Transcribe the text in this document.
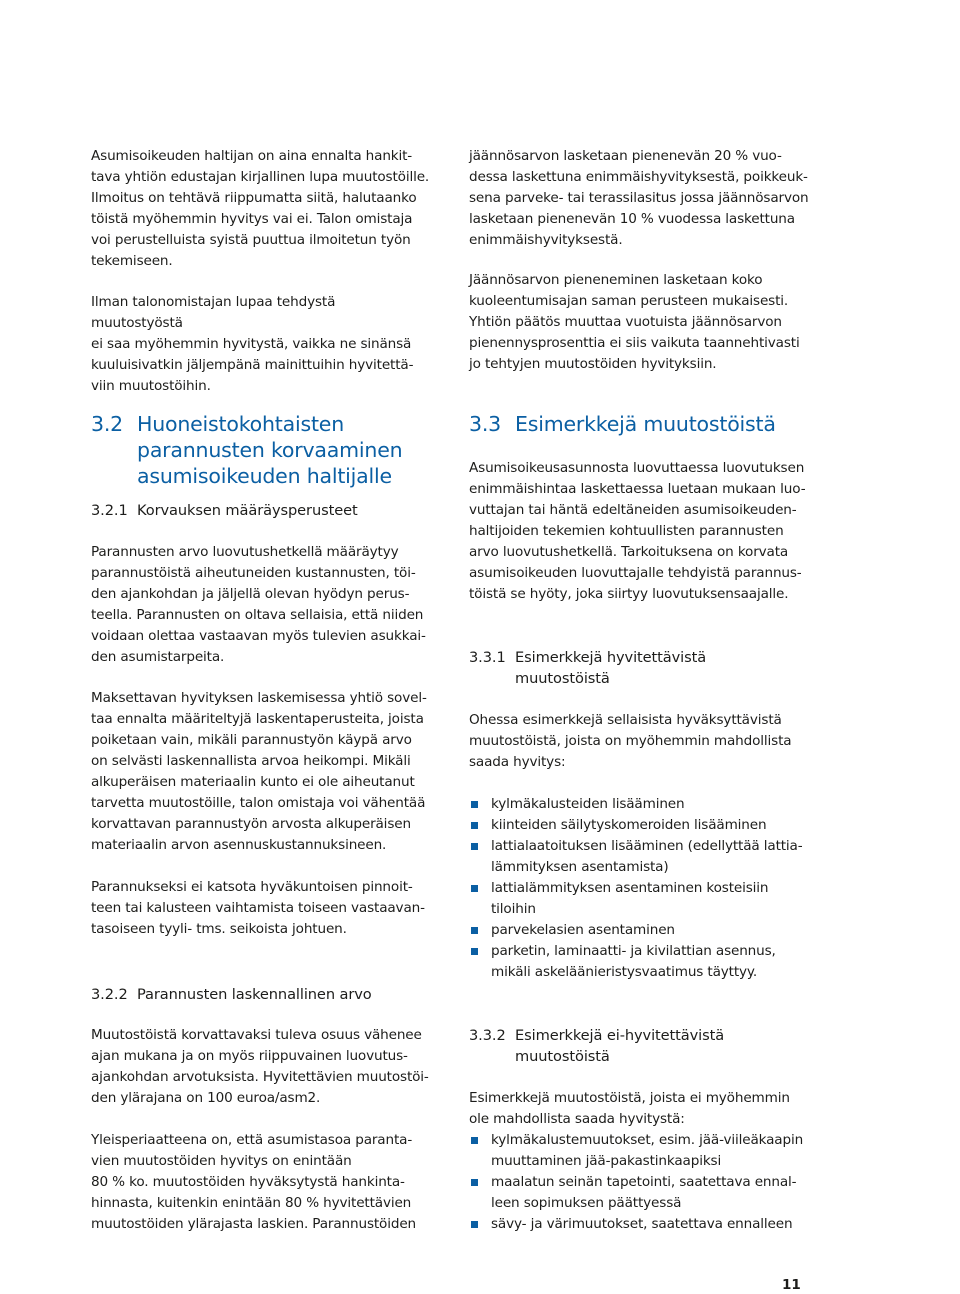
Asumisoikeuden haltijan on aina ennalta hankit-
tava yhtiön edustajan kirjallinen lupa muutostöille.
Ilmoitus on tehtävä riippumatta siitä, halutaanko
töistä myöhemmin hyvitys vai ei. Talon omistaja
voi perustelluista syistä puuttua ilmoitetun työn
tekemiseen.

Ilman talonomistajan lupaa tehdystä muutostyöstä
ei saa myöhemmin hyvitystä, vaikka ne sinänsä
kuuluisivatkin jäljempänä mainittuihin hyvitettä-
viin muutostöihin.

3.2 Huoneistokohtaisten
parannusten korvaaminen
asumisoikeuden haltijalle
3.2.1 Korvauksen määräysperusteet

Parannusten arvo luovutushetkellä määräytyy
parannustöistä aiheutuneiden kustannusten, töi-
den ajankohdan ja jäljellä olevan hyödyn perus-
teella. Parannusten on oltava sellaisia, että niiden
voidaan olettaa vastaavan myös tulevien asukkai-
den asumistarpeita.

Maksettavan hyvityksen laskemisessa yhtiö sovel-
taa ennalta määriteltyjä laskentaperusteita, joista
poiketaan vain, mikäli parannustyön käypä arvo
on selvästi laskennallista arvoa heikompi. Mikäli
alkuperäisen materiaalin kunto ei ole aiheutanut
tarvetta muutostöille, talon omistaja voi vähentää
korvattavan parannustyön arvosta alkuperäisen
materiaalin arvon asennuskustannuksineen.

Parannukseksi ei katsota hyväkuntoisen pinnoit-
teen tai kalusteen vaihtamista toiseen vastaavan-
tasoiseen tyyli- tms. seikoista johtuen.

3.2.2 Parannusten laskennallinen arvo

Muutostöistä korvattavaksi tuleva osuus vähenee
ajan mukana ja on myös riippuvainen luovutus-
ajankohdan arvotuksista. Hyvitettävien muutostöi-
den ylärajana on 100 euroa/asm2.

Yleisperiaatteena on, että asumistasoa paranta-
vien muutostöiden hyvitys on enintään
80 % ko. muutostöiden hyväksytystä hankinta-
hinnasta, kuitenkin enintään 80 % hyvitettävien
muutostöiden ylärajasta laskien. Parannustöiden

jäännösarvon lasketaan pienenevän 20 % vuo-
dessa laskettuna enimmäishyvityksestä, poikkeuk-
sena parveke- tai terassilasitus jossa jäännösarvon
lasketaan pienenevän 10 % vuodessa laskettuna
enimmäishyvityksestä.

Jäännösarvon pieneneminen lasketaan koko
kuoleentumisajan saman perusteen mukaisesti.
Yhtiön päätös muuttaa vuotuista jäännösarvon
pienennysprosenttia ei siis vaikuta taannehtivasti
jo tehtyjen muutostöiden hyvityksiin.

3.3 Esimerkkejä muutostöistä

Asumisoikeusasunnosta luovuttaessa luovutuksen
enimmäishintaa laskettaessa luetaan mukaan luo-
vuttajan tai häntä edeltäneiden asumisoikeuden-
haltijoiden tekemien kohtuullisten parannusten
arvo luovutushetkellä. Tarkoituksena on korvata
asumisoikeuden luovuttajalle tehdyistä parannus-
töistä se hyöty, joka siirtyy luovutuksensaajalle.

3.3.1 Esimerkkejä hyvitettävistä
muutostöistä

Ohessa esimerkkejä sellaisista hyväksyttävistä
muutostöistä, joista on myöhemmin mahdollista
saada hyvitys:

kylmäkalusteiden lisääminen
kiinteiden säilytyskomeroiden lisääminen
lattialaatoituksen lisääminen (edellyttää lattia-
lämmityksen asentamista)
lattialämmityksen asentaminen kosteisiin
tiloihin
parvekelasien asentaminen
parketin, laminaatti- ja kivilattian asennus,
mikäli askeläänieristysvaatimus täyttyy.
3.3.2 Esimerkkejä ei-hyvitettävistä
muutostöistä

Esimerkkejä muutostöistä, joista ei myöhemmin
ole mahdollista saada hyvitystä:

kylmäkalustemuutokset, esim. jää-viileäkaapin
muuttaminen jää-pakastinkaapiksi
maalatun seinän tapetointi, saatettava ennal-
leen sopimuksen päättyessä
sävy- ja värimuutokset, saatettava ennalleen
11
